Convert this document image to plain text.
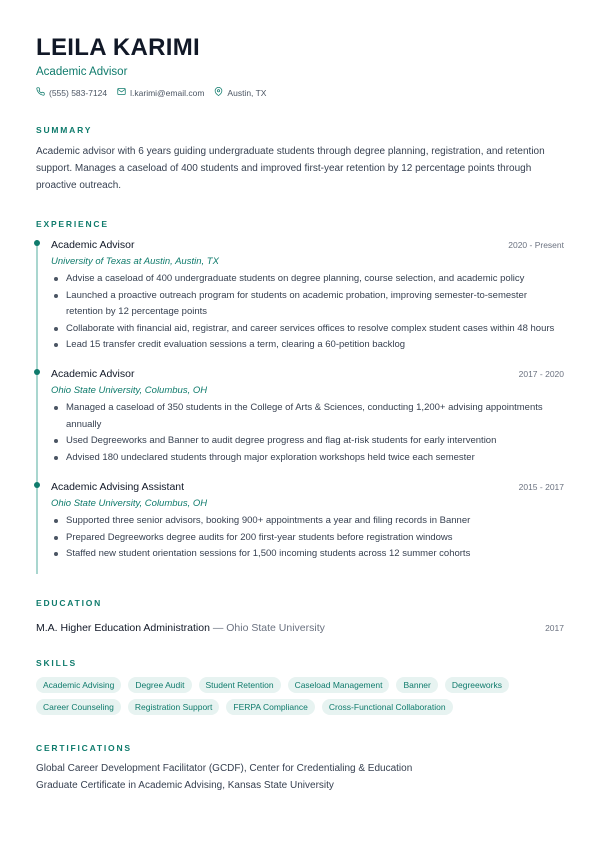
LEILA KARIMI
Academic Advisor
(555) 583-7124	l.karimi@email.com	Austin, TX
SUMMARY
Academic advisor with 6 years guiding undergraduate students through degree planning, registration, and retention support. Manages a caseload of 400 students and improved first-year retention by 12 percentage points through proactive outreach.
EXPERIENCE
Academic Advisor	2020 - Present
University of Texas at Austin, Austin, TX
Advise a caseload of 400 undergraduate students on degree planning, course selection, and academic policy
Launched a proactive outreach program for students on academic probation, improving semester-to-semester retention by 12 percentage points
Collaborate with financial aid, registrar, and career services offices to resolve complex student cases within 48 hours
Lead 15 transfer credit evaluation sessions a term, clearing a 60-petition backlog
Academic Advisor	2017 - 2020
Ohio State University, Columbus, OH
Managed a caseload of 350 students in the College of Arts & Sciences, conducting 1,200+ advising appointments annually
Used Degreeworks and Banner to audit degree progress and flag at-risk students for early intervention
Advised 180 undeclared students through major exploration workshops held twice each semester
Academic Advising Assistant	2015 - 2017
Ohio State University, Columbus, OH
Supported three senior advisors, booking 900+ appointments a year and filing records in Banner
Prepared Degreeworks degree audits for 200 first-year students before registration windows
Staffed new student orientation sessions for 1,500 incoming students across 12 summer cohorts
EDUCATION
M.A. Higher Education Administration — Ohio State University	2017
SKILLS
Academic Advising	Degree Audit	Student Retention	Caseload Management	Banner	Degreeworks
Career Counseling	Registration Support	FERPA Compliance	Cross-Functional Collaboration
CERTIFICATIONS
Global Career Development Facilitator (GCDF), Center for Credentialing & Education
Graduate Certificate in Academic Advising, Kansas State University
